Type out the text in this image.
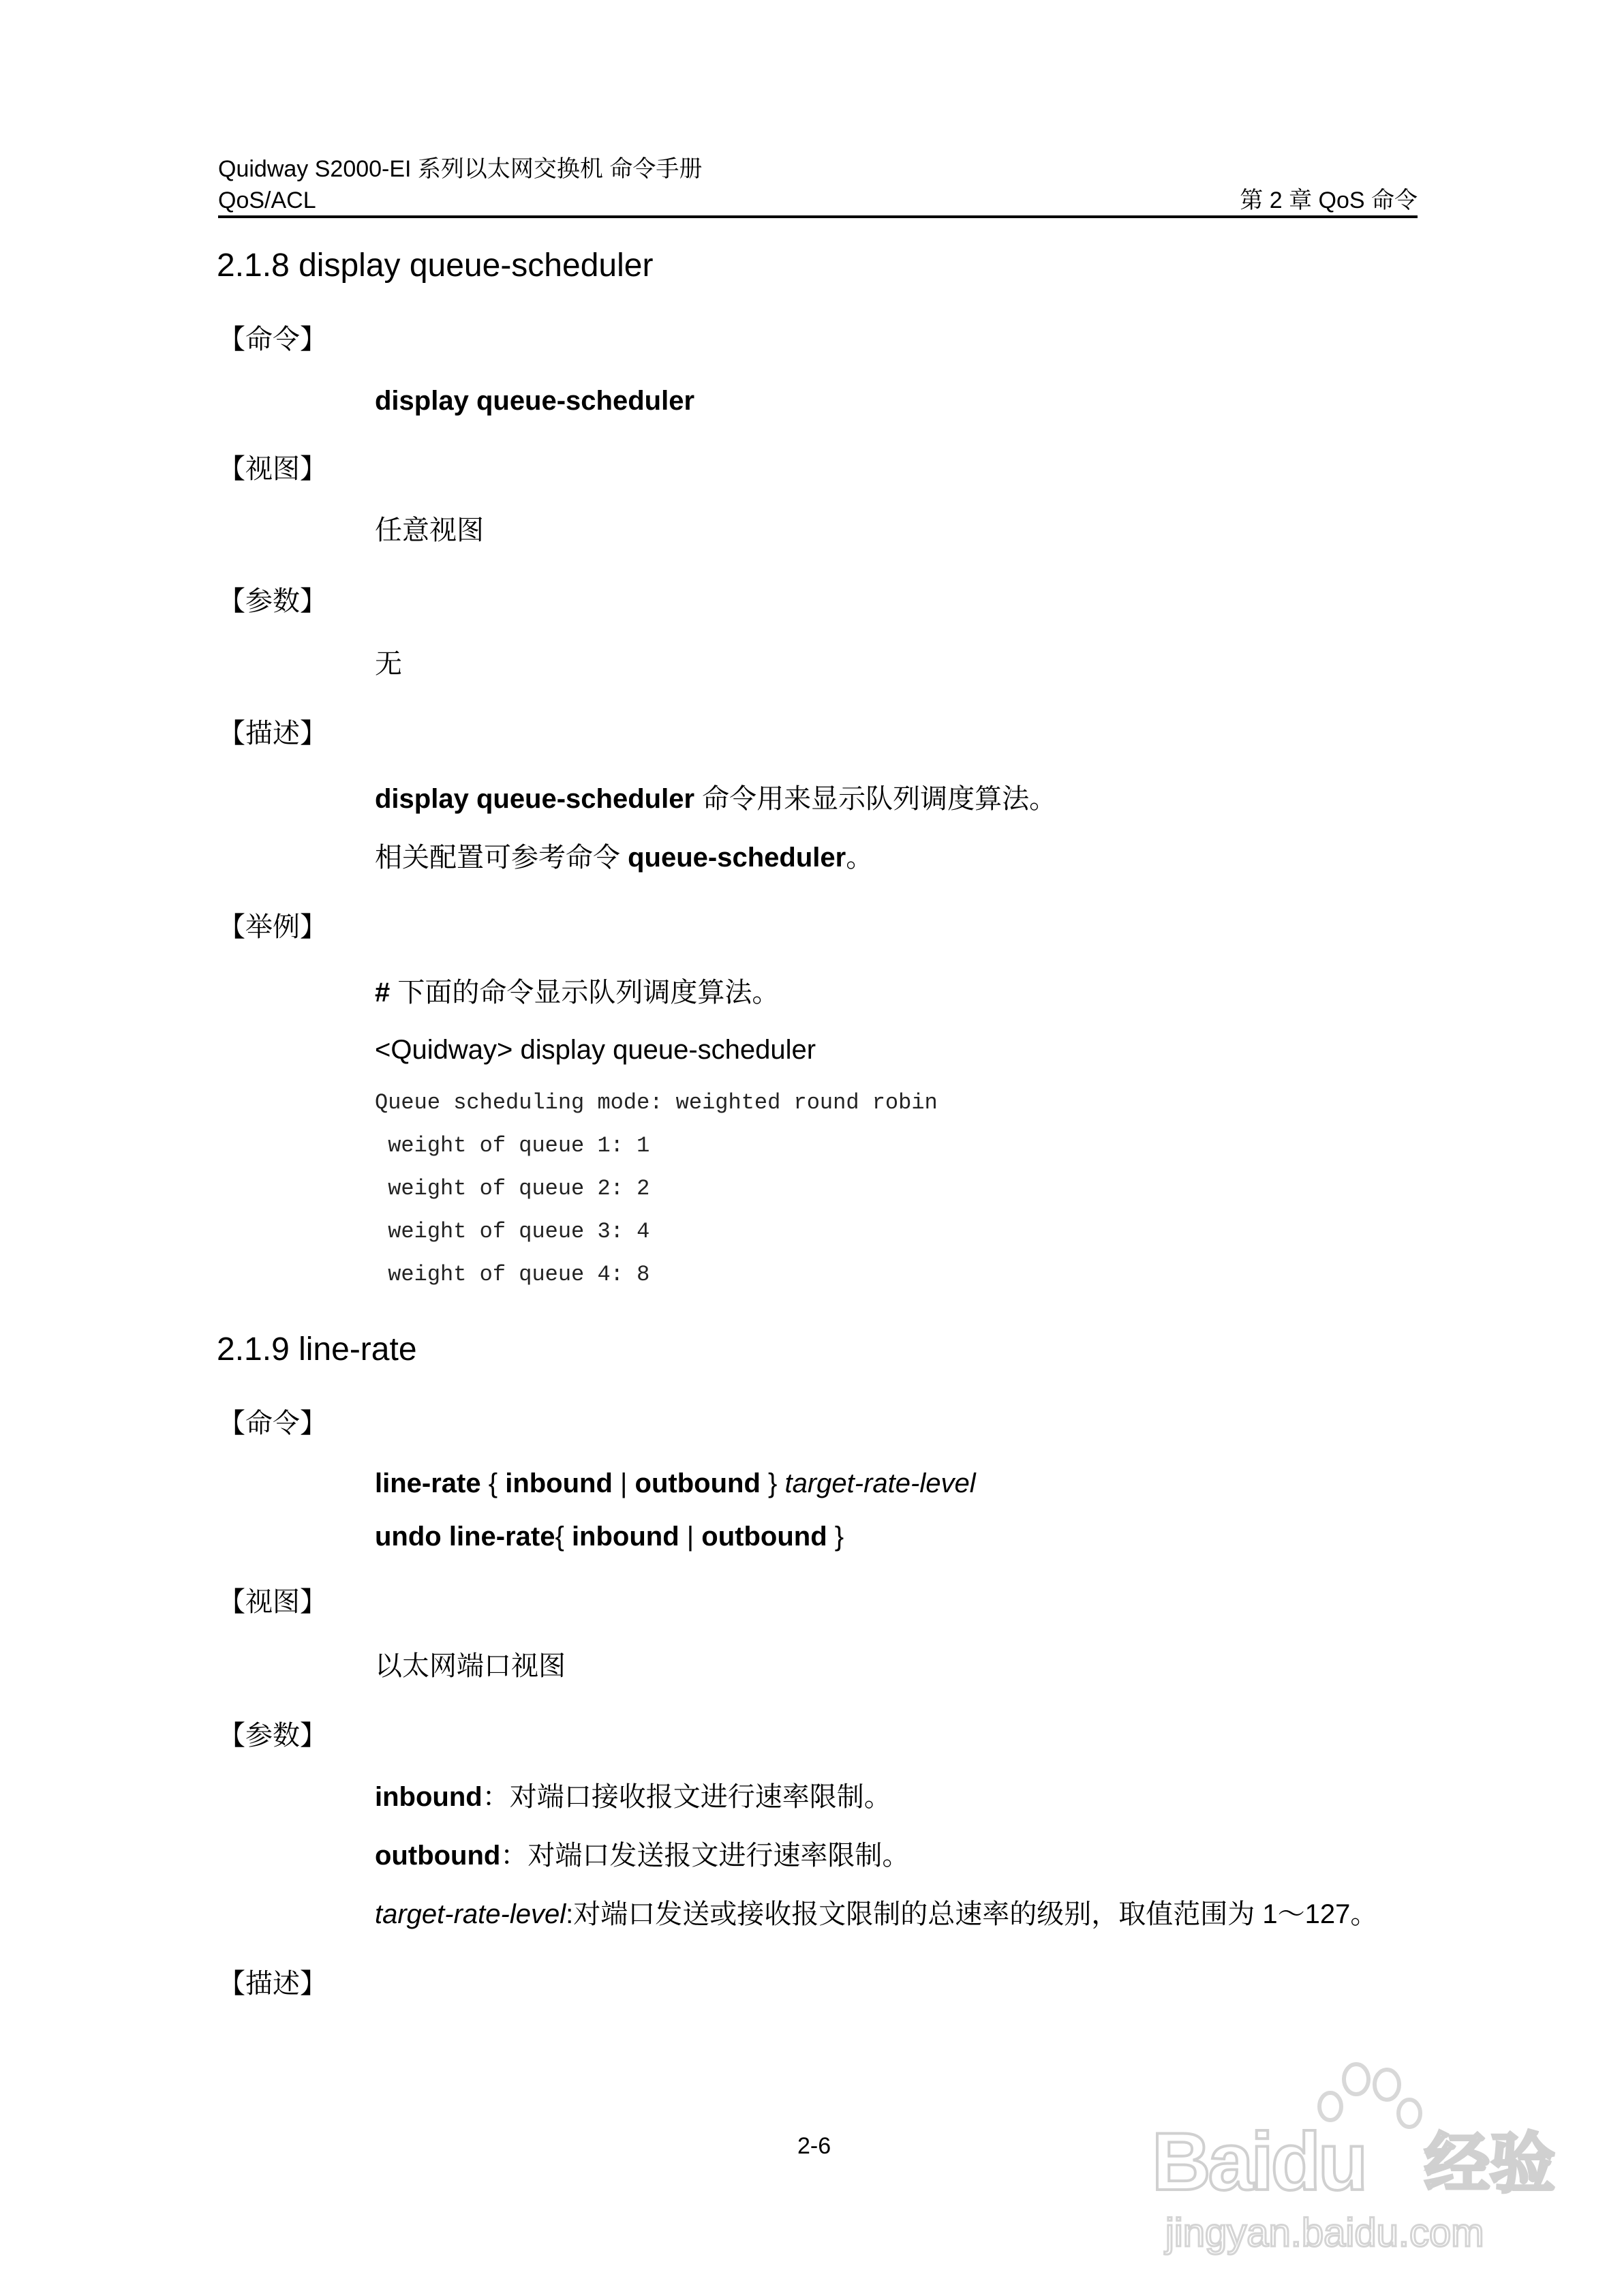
Quidway S2000-EI 系列以太网交换机 命令手册
QoS/ACL	第 2 章 QoS 命令
2.1.8 display queue-scheduler
【命令】
display queue-scheduler
【视图】
任意视图
【参数】
无
【描述】
display queue-scheduler 命令用来显示队列调度算法。
相关配置可参考命令 queue-scheduler。
【举例】
# 下面的命令显示队列调度算法。
<Quidway> display queue-scheduler
Queue scheduling mode: weighted round robin
weight of queue 1: 1
weight of queue 2: 2
weight of queue 3: 4
weight of queue 4: 8
2.1.9 line-rate
【命令】
line-rate { inbound | outbound } target-rate-level
undo line-rate{ inbound | outbound }
【视图】
以太网端口视图
【参数】
inbound：对端口接收报文进行速率限制。
outbound：对端口发送报文进行速率限制。
target-rate-level:对端口发送或接收报文限制的总速率的级别，取值范围为 1～127。
【描述】
2-6	Baidu 经验
jingyan.baidu.com
